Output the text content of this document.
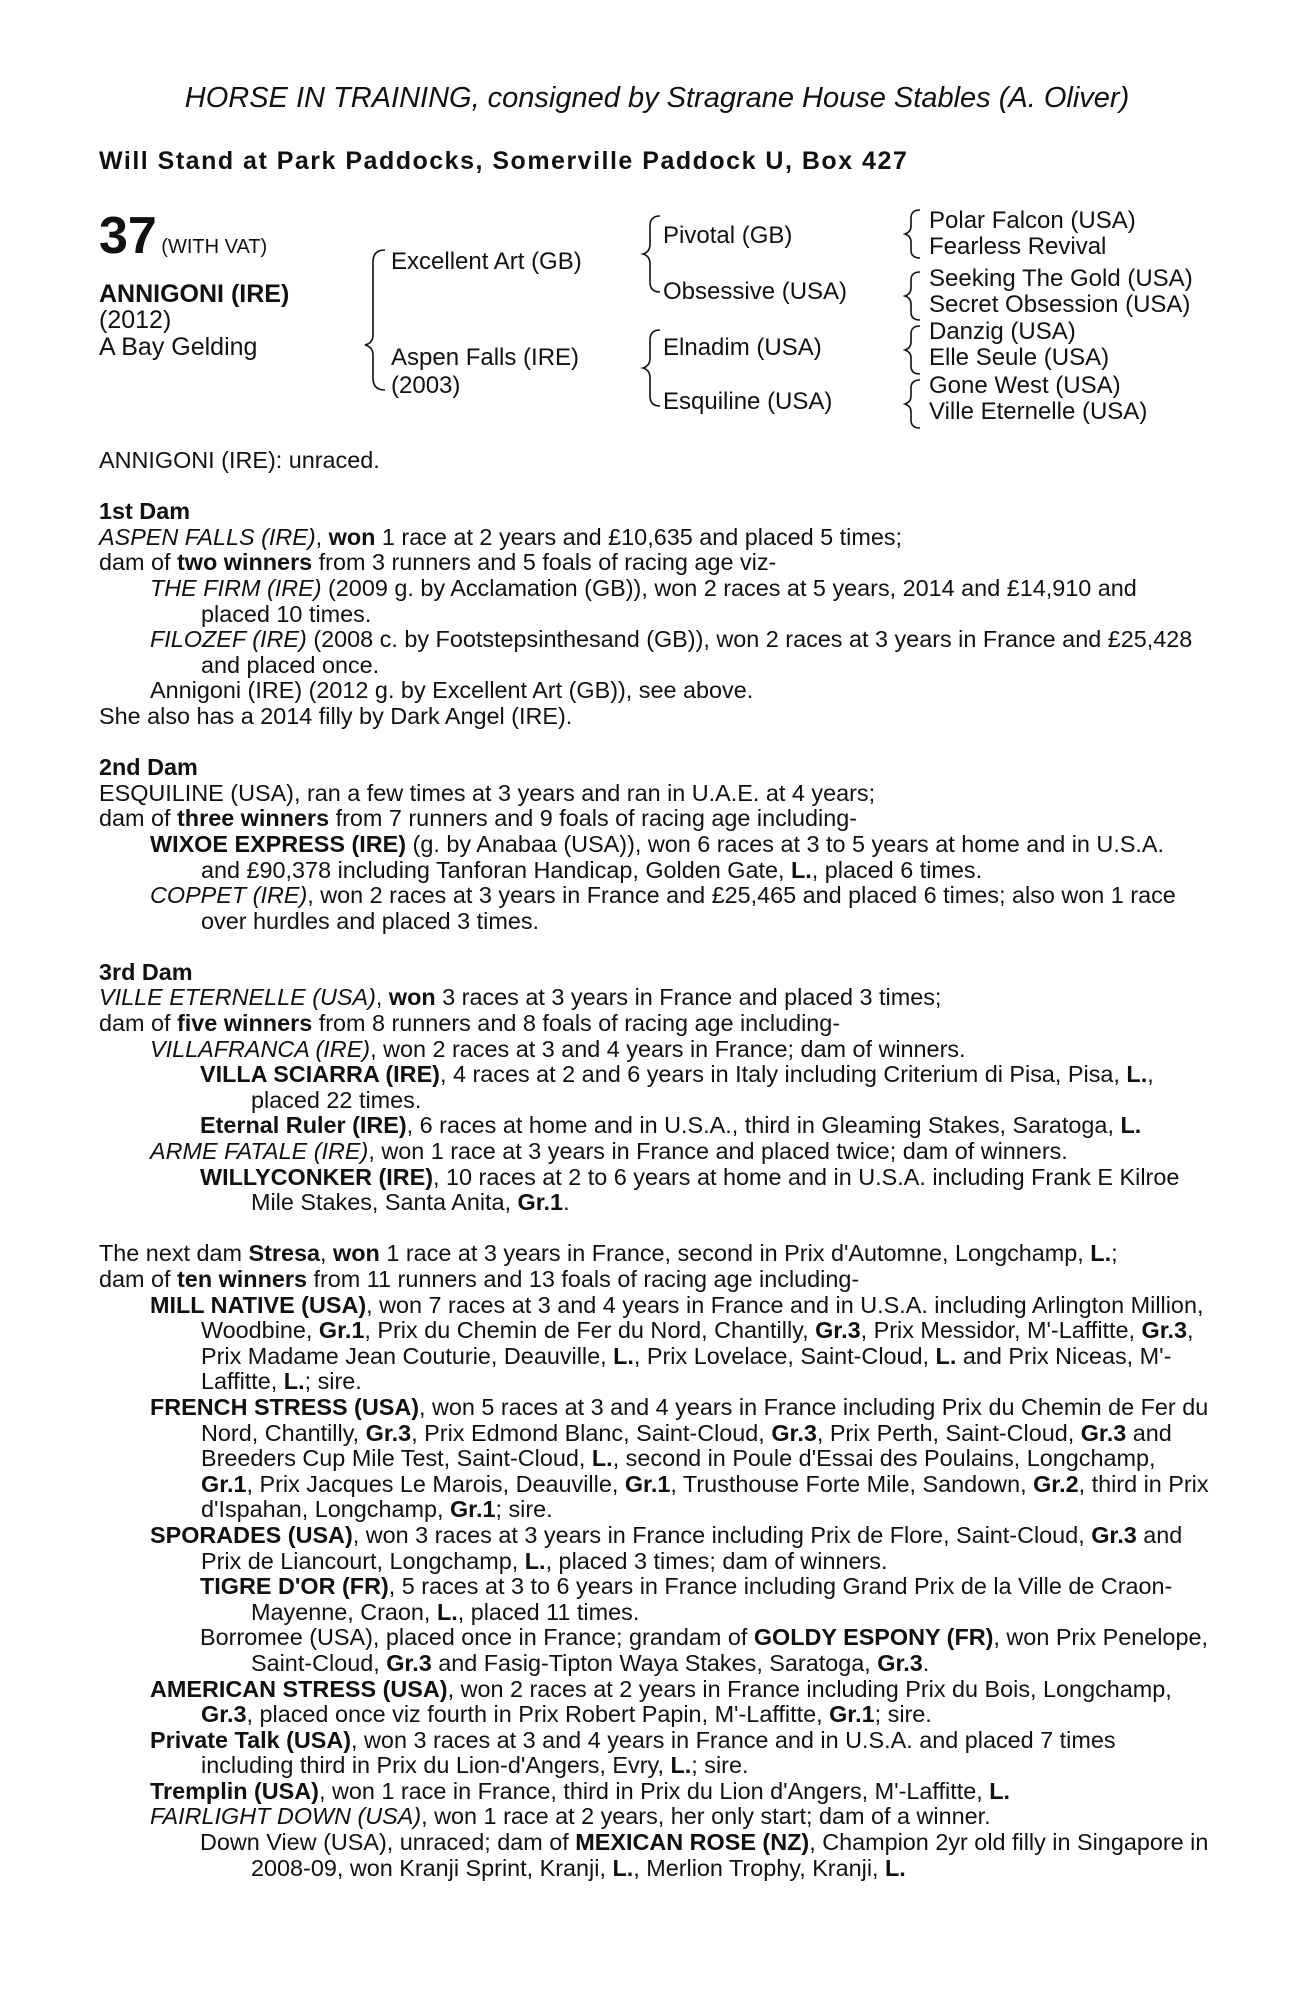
HORSE IN TRAINING, consigned by Stragrane House Stables (A. Oliver)
Will Stand at Park Paddocks, Somerville Paddock U, Box 427
37 (WITH VAT)
ANNIGONI (IRE)
(2012)
A Bay Gelding
Excellent Art (GB)
Aspen Falls (IRE)
(2003)
Pivotal (GB)
Obsessive (USA)
Elnadim (USA)
Esquiline (USA)
Polar Falcon (USA)
Fearless Revival
Seeking The Gold (USA)
Secret Obsession (USA)
Danzig (USA)
Elle Seule (USA)
Gone West (USA)
Ville Eternelle (USA)

ANNIGONI (IRE): unraced.

1st Dam

ASPEN FALLS (IRE), won 1 race at 2 years and £10,635 and placed 5 times;

dam of two winners from 3 runners and 5 foals of racing age viz-

THE FIRM (IRE) (2009 g. by Acclamation (GB)), won 2 races at 5 years, 2014 and £14,910 and placed 10 times.

FILOZEF (IRE) (2008 c. by Footstepsinthesand (GB)), won 2 races at 3 years in France and £25,428 and placed once.

Annigoni (IRE) (2012 g. by Excellent Art (GB)), see above.

She also has a 2014 filly by Dark Angel (IRE).

2nd Dam

ESQUILINE (USA), ran a few times at 3 years and ran in U.A.E. at 4 years;

dam of three winners from 7 runners and 9 foals of racing age including-

WIXOE EXPRESS (IRE) (g. by Anabaa (USA)), won 6 races at 3 to 5 years at home and in U.S.A. and £90,378 including Tanforan Handicap, Golden Gate, L., placed 6 times.

COPPET (IRE), won 2 races at 3 years in France and £25,465 and placed 6 times; also won 1 race over hurdles and placed 3 times.

3rd Dam

VILLE ETERNELLE (USA), won 3 races at 3 years in France and placed 3 times;

dam of five winners from 8 runners and 8 foals of racing age including-

VILLAFRANCA (IRE), won 2 races at 3 and 4 years in France; dam of winners.

VILLA SCIARRA (IRE), 4 races at 2 and 6 years in Italy including Criterium di Pisa, Pisa, L., placed 22 times.

Eternal Ruler (IRE), 6 races at home and in U.S.A., third in Gleaming Stakes, Saratoga, L.

ARME FATALE (IRE), won 1 race at 3 years in France and placed twice; dam of winners.

WILLYCONKER (IRE), 10 races at 2 to 6 years at home and in U.S.A. including Frank E Kilroe Mile Stakes, Santa Anita, Gr.1.

The next dam Stresa, won 1 race at 3 years in France, second in Prix d'Automne, Longchamp, L.;

dam of ten winners from 11 runners and 13 foals of racing age including-

MILL NATIVE (USA), won 7 races at 3 and 4 years in France and in U.S.A. including Arlington Million, Woodbine, Gr.1, Prix du Chemin de Fer du Nord, Chantilly, Gr.3, Prix Messidor, M'-Laffitte, Gr.3, Prix Madame Jean Couturie, Deauville, L., Prix Lovelace, Saint-Cloud, L. and Prix Niceas, M'-Laffitte, L.; sire.

FRENCH STRESS (USA), won 5 races at 3 and 4 years in France including Prix du Chemin de Fer du Nord, Chantilly, Gr.3, Prix Edmond Blanc, Saint-Cloud, Gr.3, Prix Perth, Saint-Cloud, Gr.3 and Breeders Cup Mile Test, Saint-Cloud, L., second in Poule d'Essai des Poulains, Longchamp, Gr.1, Prix Jacques Le Marois, Deauville, Gr.1, Trusthouse Forte Mile, Sandown, Gr.2, third in Prix d'Ispahan, Longchamp, Gr.1; sire.

SPORADES (USA), won 3 races at 3 years in France including Prix de Flore, Saint-Cloud, Gr.3 and Prix de Liancourt, Longchamp, L., placed 3 times; dam of winners.

TIGRE D'OR (FR), 5 races at 3 to 6 years in France including Grand Prix de la Ville de Craon-Mayenne, Craon, L., placed 11 times.

Borromee (USA), placed once in France; grandam of GOLDY ESPONY (FR), won Prix Penelope, Saint-Cloud, Gr.3 and Fasig-Tipton Waya Stakes, Saratoga, Gr.3.

AMERICAN STRESS (USA), won 2 races at 2 years in France including Prix du Bois, Longchamp, Gr.3, placed once viz fourth in Prix Robert Papin, M'-Laffitte, Gr.1; sire.

Private Talk (USA), won 3 races at 3 and 4 years in France and in U.S.A. and placed 7 times including third in Prix du Lion-d'Angers, Evry, L.; sire.

Tremplin (USA), won 1 race in France, third in Prix du Lion d'Angers, M'-Laffitte, L.

FAIRLIGHT DOWN (USA), won 1 race at 2 years, her only start; dam of a winner.

Down View (USA), unraced; dam of MEXICAN ROSE (NZ), Champion 2yr old filly in Singapore in 2008-09, won Kranji Sprint, Kranji, L., Merlion Trophy, Kranji, L.
